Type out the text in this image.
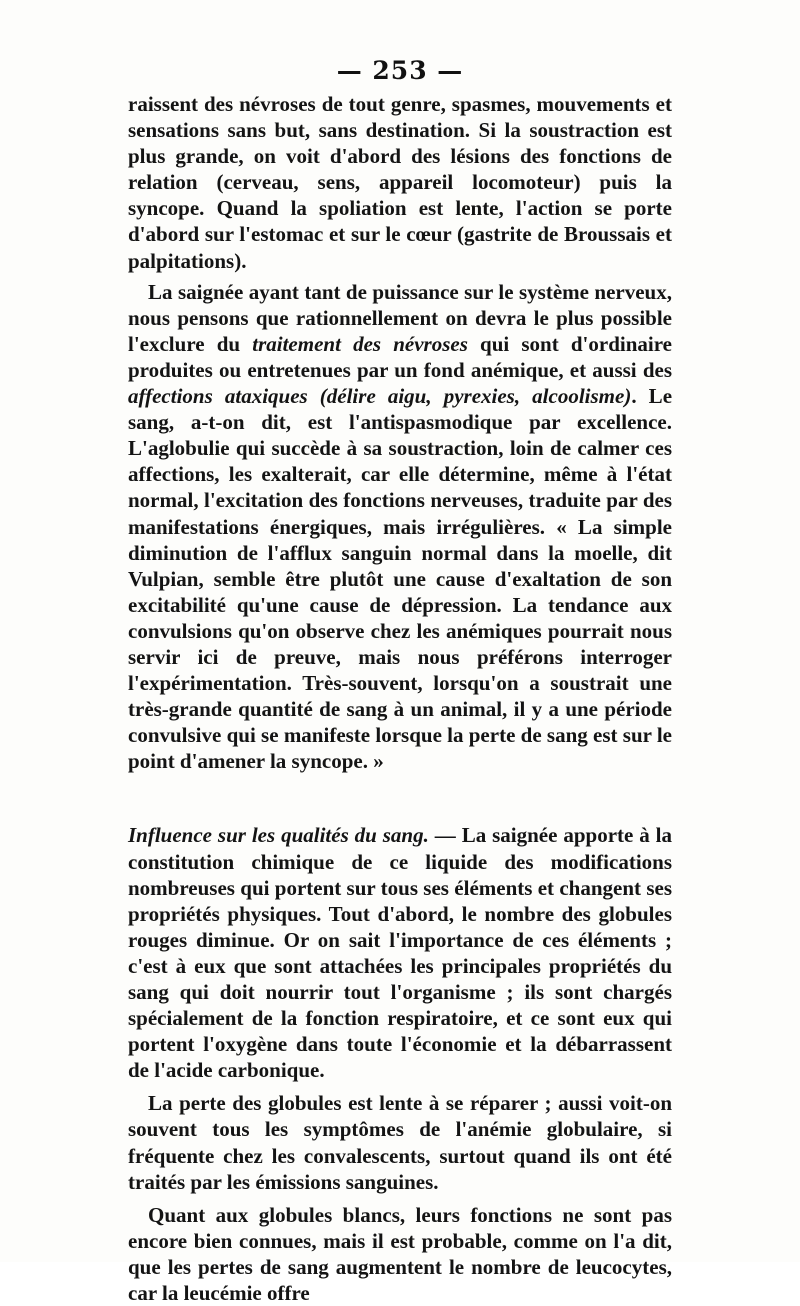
— 253 —

raissent des névroses de tout genre, spasmes, mouvements et sensations sans but, sans destination. Si la soustraction est plus grande, on voit d'abord des lésions des fonctions de relation (cerveau, sens, appareil locomoteur) puis la syncope. Quand la spoliation est lente, l'action se porte d'abord sur l'estomac et sur le cœur (gastrite de Broussais et palpitations).

La saignée ayant tant de puissance sur le système nerveux, nous pensons que rationnellement on devra le plus possible l'exclure du traitement des névroses qui sont d'ordinaire produites ou entretenues par un fond anémique, et aussi des affections ataxiques (délire aigu, pyrexies, alcoolisme). Le sang, a-t-on dit, est l'antispasmodique par excellence. L'aglobulie qui succède à sa soustraction, loin de calmer ces affections, les exalterait, car elle détermine, même à l'état normal, l'excitation des fonctions nerveuses, traduite par des manifestations énergiques, mais irrégulières. « La simple diminution de l'afflux sanguin normal dans la moelle, dit Vulpian, semble être plutôt une cause d'exaltation de son excitabilité qu'une cause de dépression. La tendance aux convulsions qu'on observe chez les anémiques pourrait nous servir ici de preuve, mais nous préférons interroger l'expérimentation. Très-souvent, lorsqu'on a soustrait une très-grande quantité de sang à un animal, il y a une période convulsive qui se manifeste lorsque la perte de sang est sur le point d'amener la syncope. »

Influence sur les qualités du sang. — La saignée apporte à la constitution chimique de ce liquide des modifications nombreuses qui portent sur tous ses éléments et changent ses propriétés physiques. Tout d'abord, le nombre des globules rouges diminue. Or on sait l'importance de ces éléments ; c'est à eux que sont attachées les principales propriétés du sang qui doit nourrir tout l'organisme ; ils sont chargés spécialement de la fonction respiratoire, et ce sont eux qui portent l'oxygène dans toute l'économie et la débarrassent de l'acide carbonique.

La perte des globules est lente à se réparer ; aussi voit-on souvent tous les symptômes de l'anémie globulaire, si fréquente chez les convalescents, surtout quand ils ont été traités par les émissions sanguines.

Quant aux globules blancs, leurs fonctions ne sont pas encore bien connues, mais il est probable, comme on l'a dit, que les pertes de sang augmentent le nombre de leucocytes, car la leucémie offre
